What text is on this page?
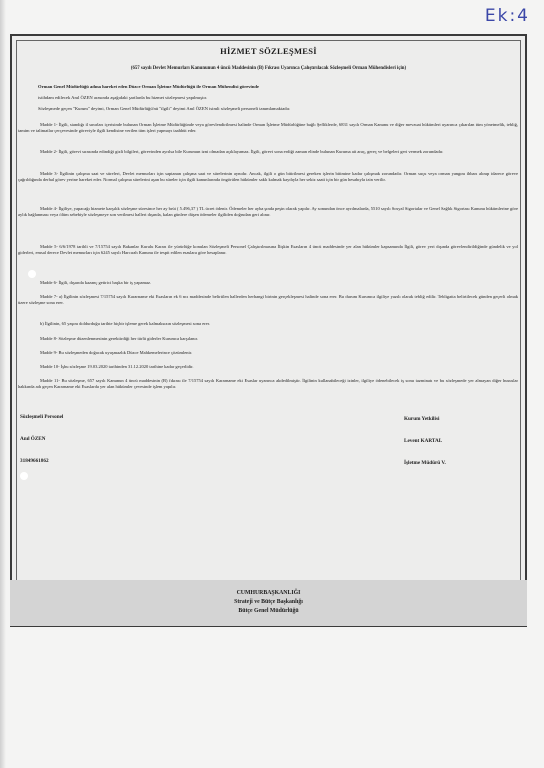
Ek:4
HİZMET SÖZLEŞMESİ
(657 sayılı Devlet Memurları Kanununun 4 üncü Maddesinin (B) Fıkrası Uyarınca Çalıştırılacak Sözleşmeli Orman Mühendisleri için)
Orman Genel Müdürlüğü adına hareket eden Düzce Orman İşletme Müdürlüğü ile Orman Mühendisi görevinde
istihdam edilecek Anıl ÖZEN arasında aşağıdaki şartlarda bu hizmet sözleşmesi yapılmıştır.
Sözleşmede geçen "Kurum" deyimi, Orman Genel Müdürlüğü'nü "ilgili" deyimi Anıl ÖZEN isimli sözleşmeli personeli tanımlamaktadır.
Madde 1- İlgili, standığı il sınırları içerisinde bulunan Orman İşletme Müdürlüğünde veya görevlendirilmesi halinde Orman İşletme Müdürlüğüne bağlı Şefliklerde, 6831 sayılı Orman Kanunu ve diğer mevzuat hükümleri uyarınca çıkarılan tüm yönetmelik, tebliğ, tamim ve talimatlar çerçevesinde göreviyle ilgili kendisine verilen tüm işleri yapmayı taahhüt eder.
Madde 2- İlgili, görevi sırasında edindiği gizli bilgileri, görevinden ayrılsa bile Kurumun izni olmadan açıklayamaz. İlgili, görevi sona erdiği zaman elinde bulunan Kuruma ait araç, gereç ve belgeleri geri vermek zorundadır.
Madde 3- İlgilinin çalışma saat ve süreleri, Devlet memurları için saptanan çalışma saat ve sürelerinin aynıdır. Ancak, ilgili o gün bitirilmesi gereken işlerin bitimine kadar çalışmak zorundadır. Orman suçu veya orman yangını ihbarı alınıp idarece göreve çağrıldığında derhal görev yerine hareket eder. Normal çalışma sürelerini aşan bu süreler için ilgili kanunlarında öngörülen hükümler saklı kalmak kaydıyla her sekiz saati için bir gün hesabıyla izin verilir.
Madde 4- İlgiliye, yapacağı hizmete karşılık sözleşme süresince her ay brüt ( 5.496,37 ) TL ücret ödenir. Ödemeler her ayba şında peşin olarak yapılır. Ay sonundan önce ayrılmalarda, 5510 sayılı Sosyal Sigortalar ve Genel Sağlık Sigortası Kanunu hükümlerine göre aylık bağlanması veya ölüm sebebiyle sözleşmeye son verilmesi halleri dışında, kalan günlere düşen ödemeler ilgiliden doğrudan geri alınır.
Madde 5- 6/6/1978 tarihli ve 7/15754 sayılı Bakanlar Kurulu Kararı ile yürürlüğe konulan Sözleşmeli Personel Çalıştırılmasına İlişkin Esasların 4 üncü maddesinde yer alan hükümler kapsamında İlgili, görev yeri dışında görevlendirildiğinde gündelik ve yol giderleri, emsal derece Devlet memurları için 6245 sayılı Harcırah Kanunu ile tespit edilen esaslara göre hesaplanır.
Madde 6- İlgili, dışarıda kazanç getirici başka bir iş yapamaz.
Madde 7- a) İlgilinin sözleşmesi 7/15754 sayılı Kararname eki Esasların ek 6 ncı maddesinde belirtilen hallerden herhangi birinin gerçekleşmesi halinde sona erer. Bu durum Kurumca ilgiliye yazılı olarak tebliğ edilir. Tebligatta belirtilecek günden geçerli olmak üzere sözleşme sona erer.
b) İlgilinin, 65 yaşını doldurduğu tarihte hiçbir işleme gerek kalmaksızın sözleşmesi sona erer.
Madde 8- Sözleşme düzenlenmesinin gerektirdiği her türlü giderler Kurumca karşılanır.
Madde 9- Bu sözleşmeden doğacak uyuşmazlık Düzce Mahkemelerince çözümlenir.
Madde 10- İşbu sözleşme 19.03.2020 tarihinden 31.12.2020 tarihine kadar geçerlidir.
Madde 11- Bu sözleşme, 657 sayılı Kanunun 4 üncü maddesinin (B) fıkrası ile 7/15754 sayılı Kararname eki Esaslar uyarınca akdedilmiştir. İlgilinin kullanabileceği izinler, ilgiliye ödenebilecek iş sonu tazminatı ve bu sözleşmede yer almayan diğer hususlar hakkında adı geçen Kararname eki Esaslarda yer alan hükümler çevesinde işlem yapılır.
Sözleşmeli Personel
Anıl ÖZEN
31849661862
Kurum Yetkilisi
Levent KARTAL
İşletme Müdürü V.
CUMHURBAŞKANLIĞI
Strateji ve Bütçe Başkanlığı
Bütçe Genel Müdürlüğü
